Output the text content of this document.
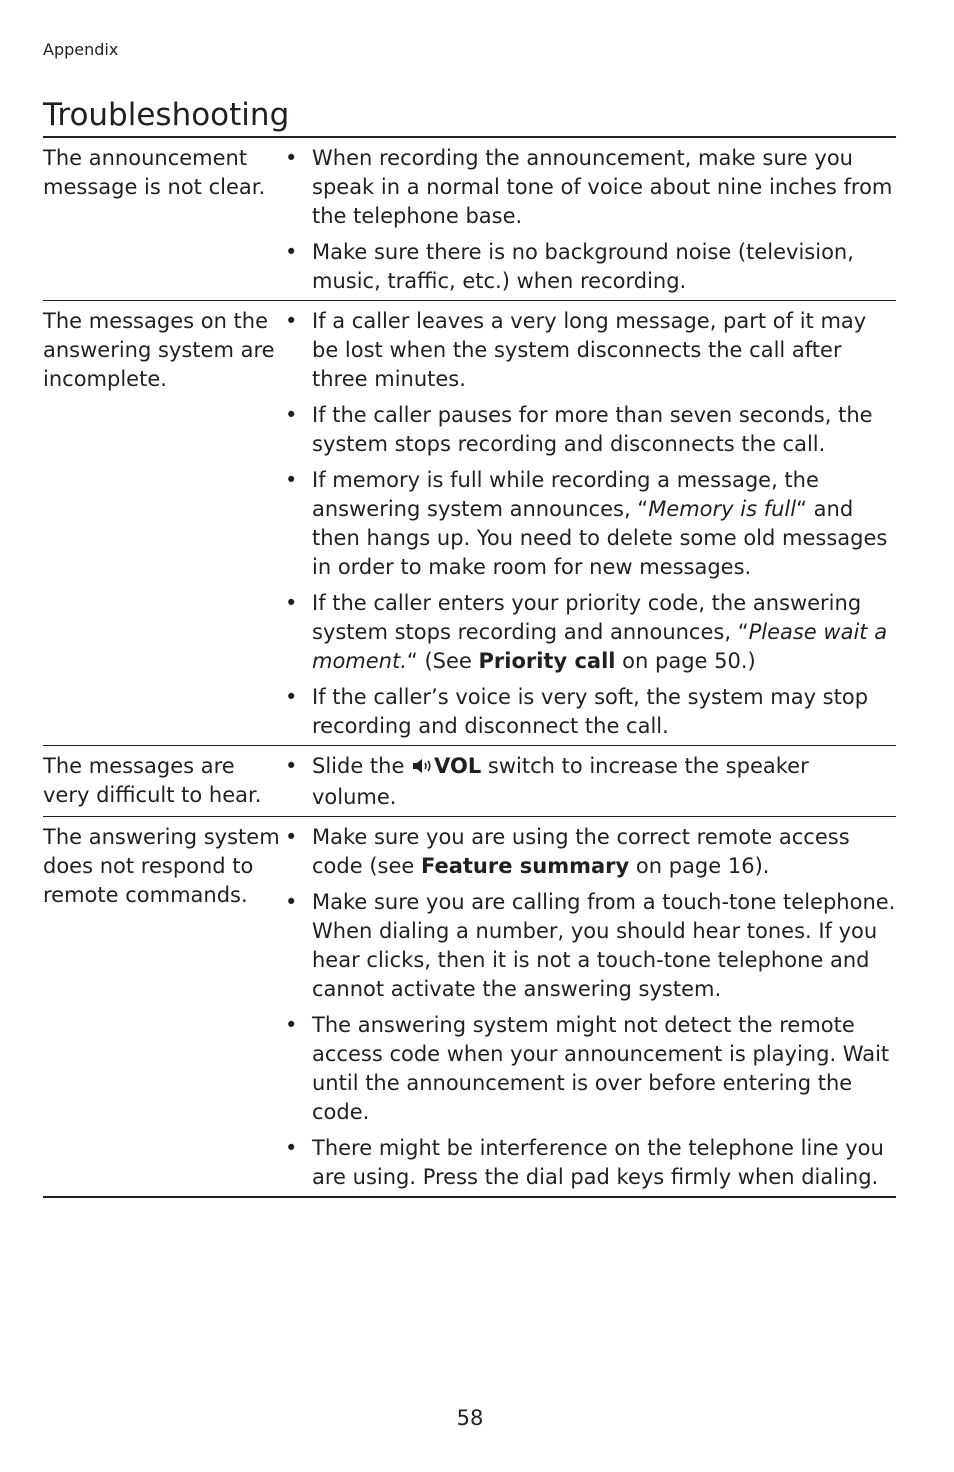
Appendix
Troubleshooting
The announcement message is not clear.
• When recording the announcement, make sure you speak in a normal tone of voice about nine inches from the telephone base.
• Make sure there is no background noise (television, music, traffic, etc.) when recording.
The messages on the answering system are incomplete.
• If a caller leaves a very long message, part of it may be lost when the system disconnects the call after three minutes.
• If the caller pauses for more than seven seconds, the system stops recording and disconnects the call.
• If memory is full while recording a message, the answering system announces, “Memory is full“ and then hangs up. You need to delete some old messages in order to make room for new messages.
• If the caller enters your priority code, the answering system stops recording and announces, “Please wait a moment.“ (See Priority call on page 50.)
• If the caller’s voice is very soft, the system may stop recording and disconnect the call.
The messages are very difficult to hear.
• Slide the VOL switch to increase the speaker volume.
The answering system does not respond to remote commands.
• Make sure you are using the correct remote access code (see Feature summary on page 16).
• Make sure you are calling from a touch-tone telephone. When dialing a number, you should hear tones. If you hear clicks, then it is not a touch-tone telephone and cannot activate the answering system.
• The answering system might not detect the remote access code when your announcement is playing. Wait until the announcement is over before entering the code.
• There might be interference on the telephone line you are using. Press the dial pad keys firmly when dialing.
58
